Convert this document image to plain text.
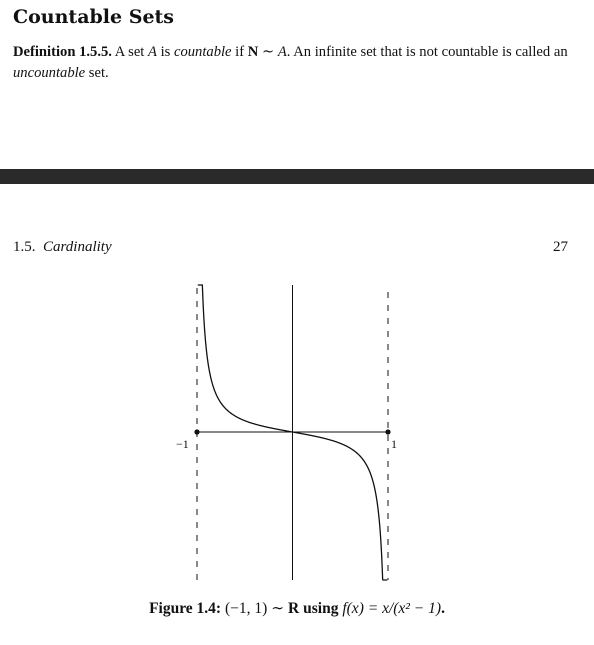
Countable Sets
Definition 1.5.5. A set A is countable if N ∼ A. An infinite set that is not countable is called an uncountable set.
1.5. Cardinality	27
−1	1
Figure 1.4: (−1, 1) ∼ R using f(x) = x/(x² − 1).
